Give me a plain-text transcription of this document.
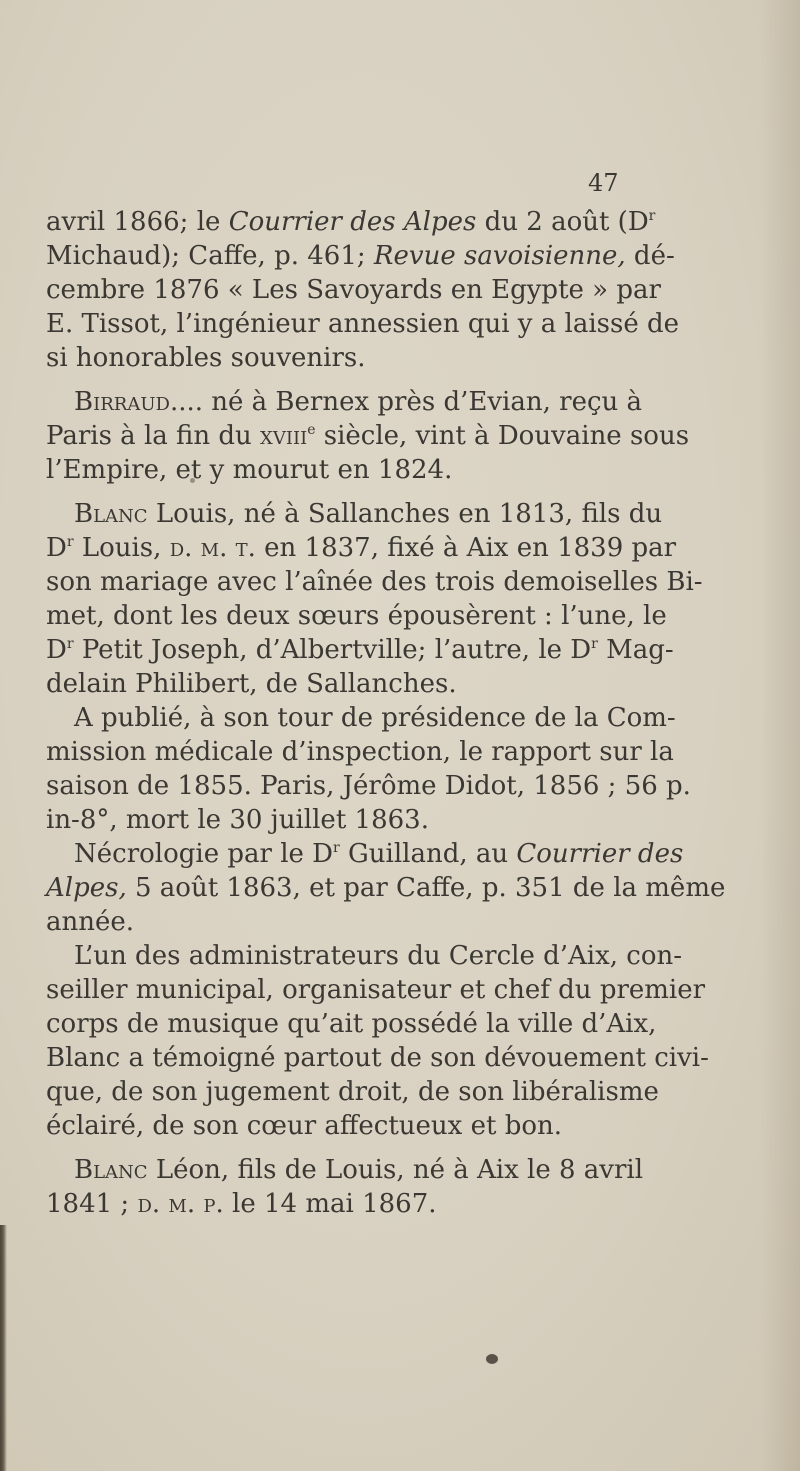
47
avril 1866; le Courrier des Alpes du 2 août ($D^r$
Michaud); Caffe, p. 461; Revue savoisienne, dé-
cembre 1876 « Les Savoyards en Egypte » par
E. Tissot, l’ingénieur annessien qui y a laissé de
si honorables souvenirs.
Birraud.... né à Bernex près d’Evian, reçu à
Paris à la fin du xviii$^e$ siècle, vint à Douvaine sous
l’Empire, et y mourut en 1824.
Blanc Louis, né à Sallanches en 1813, fils du
$D^r$ Louis, d. m. t. en 1837, fixé à Aix en 1839 par
son mariage avec l’aînée des trois demoiselles Bi-
met, dont les deux sœurs épousèrent : l’une, le
$D^r$ Petit Joseph, d’Albertville; l’autre, le $D^r$ Mag-
delain Philibert, de Sallanches.
A publié, à son tour de présidence de la Com-
mission médicale d’inspection, le rapport sur la
saison de 1855. Paris, Jérôme Didot, 1856 ; 56 p.
in-8°, mort le 30 juillet 1863.
Nécrologie par le $D^r$ Guilland, au Courrier des
Alpes, 5 août 1863, et par Caffe, p. 351 de la même
année.
L’un des administrateurs du Cercle d’Aix, con-
seiller municipal, organisateur et chef du premier
corps de musique qu’ait possédé la ville d’Aix,
Blanc a témoigné partout de son dévouement civi-
que, de son jugement droit, de son libéralisme
éclairé, de son cœur affectueux et bon.
Blanc Léon, fils de Louis, né à Aix le 8 avril
1841 ; d. m. p. le 14 mai 1867.
